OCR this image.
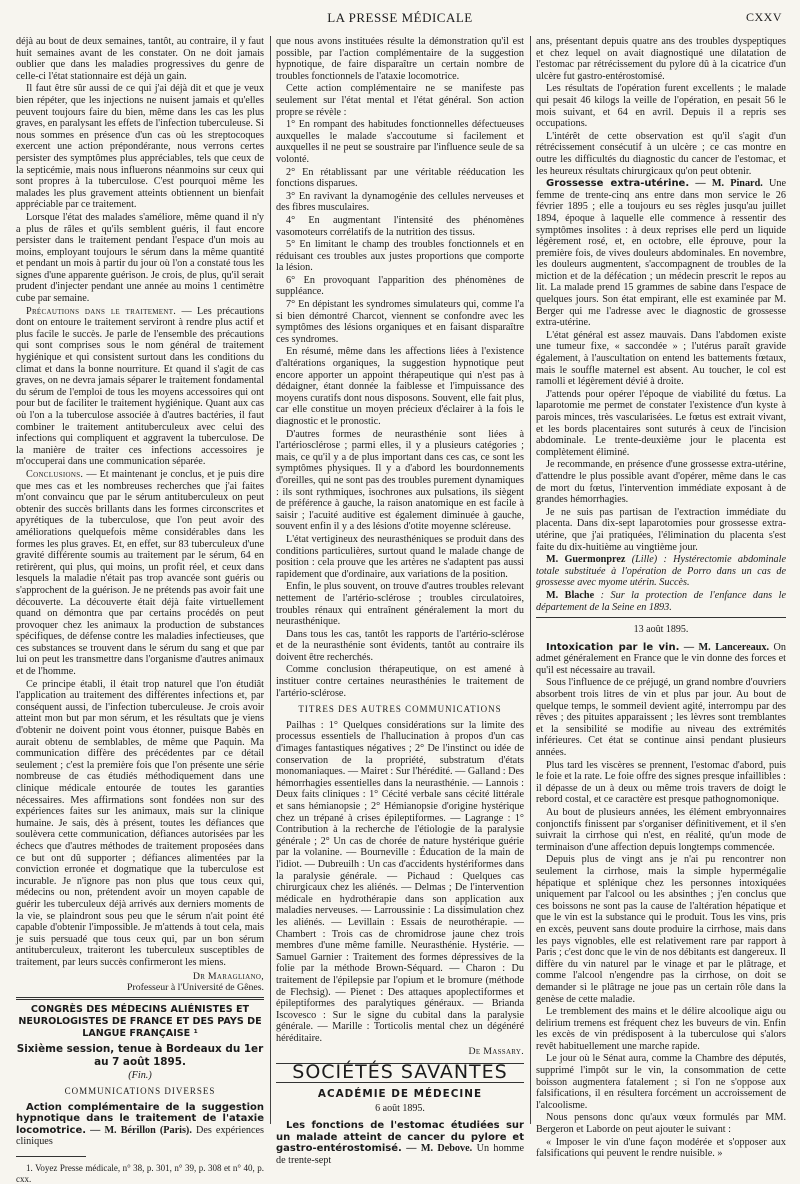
LA PRESSE MÉDICALE	CXXV

déjà au bout de deux semaines, tantôt, au contraire, il y faut huit semaines avant de les constater. On ne doit jamais oublier que dans les maladies progressives du genre de celle-ci l'état stationnaire est déjà un gain.

Il faut être sûr aussi de ce qui j'ai déjà dit et que je veux bien répéter, que les injections ne nuisent jamais et qu'elles peuvent toujours faire du bien, même dans les cas les plus graves, en paralysant les effets de l'infection tuberculeuse. Si nous sommes en présence d'un cas où les streptocoques exercent une action prépondérante, nous verrons certes persister des symptômes plus appréciables, tels que ceux de la septicémie, mais nous influerons néanmoins sur ceux qui sont propres à la tuberculose. C'est pourquoi même les malades les plus gravement atteints obtiennent un bienfait appréciable par ce traitement.

Lorsque l'état des malades s'améliore, même quand il n'y a plus de râles et qu'ils semblent guéris, il faut encore persister dans le traitement pendant l'espace d'un mois au moins, employant toujours le sérum dans la même quantité et pendant un mois à partir du jour où l'on a constaté tous les signes d'une apparente guérison. Je crois, de plus, qu'il serait prudent d'injecter pendant une année au moins 1 centimètre cube par semaine.

Précautions dans le traitement. — Les précautions dont on entoure le traitement serviront à rendre plus actif et plus facile le succès. Je parle de l'ensemble des précautions qui sont comprises sous le nom général de traitement hygiénique et qui consistent surtout dans les conditions du climat et dans la bonne nourriture. Et quand il s'agit de cas graves, on ne devra jamais séparer le traitement fondamental du sérum de l'emploi de tous les moyens accessoires qui ont pour but de faciliter le traitement hygiénique. Quant aux cas où l'on a la tuberculose associée à d'autres bactéries, il faut combiner le traitement antituberculeux avec celui des infections qui compliquent et aggravent la tuberculose. De la manière de traiter ces infections accessoires je m'occuperai dans une communication séparée.

Conclusions. — Et maintenant je conclus, et je puis dire que mes cas et les nombreuses recherches que j'ai faites m'ont convaincu que par le sérum antituberculeux on peut obtenir des succès brillants dans les formes circonscrites et apyrétiques de la tuberculose, que l'on peut avoir des améliorations quelquefois même considérables dans les formes les plus graves. Et, en effet, sur 83 tuberculeux d'une gravité différente soumis au traitement par le sérum, 64 en retirèrent, qui plus, qui moins, un profit réel, et ceux dans lesquels la maladie n'était pas trop avancée sont guéris ou s'approchent de la guérison. Je ne prétends pas avoir fait une découverte. La découverte était déjà faite virtuellement quand on démontra que par certains procédés on peut provoquer chez les animaux la production de substances spécifiques, de défense contre les maladies infectieuses, que ces substances se trouvent dans le sérum du sang et que par lui on peut les transmettre dans l'organisme d'autres animaux et de l'homme.

Ce principe établi, il était trop naturel que l'on étudiât l'application au traitement des différentes infections et, par conséquent aussi, de l'infection tuberculeuse. Je crois avoir atteint mon but par mon sérum, et les résultats que je viens d'obtenir ne doivent point vous étonner, puisque Babès en aurait obtenu de semblables, de même que Paquin. Ma communication diffère des précédentes par ce détail seulement ; c'est la première fois que l'on présente une série nombreuse de cas étudiés méthodiquement dans une clinique médicale entourée de toutes les garanties nécessaires. Mes affirmations sont fondées non sur des expériences faites sur les animaux, mais sur la clinique humaine. Je sais, dès à présent, toutes les défiances que soulèvera cette communication, défiances autorisées par les échecs que d'autres méthodes de traitement proposées dans ce but ont dû supporter ; défiances alimentées par la conviction erronée et dogmatique que la tuberculose est incurable. Je n'ignore pas non plus que tous ceux qui, médecins ou non, prétendent avoir un moyen capable de guérir les tuberculeux déjà arrivés aux derniers moments de la vie, se plaindront sous peu que le sérum n'ait point été capable d'obtenir l'impossible. Je m'attends à tout cela, mais je suis persuadé que tous ceux qui, par un bon sérum antituberculeux, traiteront les tuberculeux susceptibles de traitement, par leurs succès confirmeront les miens.

Dr Maragliano,
Professeur à l'Université de Gênes.
CONGRÈS DES MÉDECINS ALIÉNISTES ET NEUROLOGISTES DE FRANCE ET DES PAYS DE LANGUE FRANÇAISE ¹
Sixième session, tenue à Bordeaux du 1er au 7 août 1895.
(Fin.)
COMMUNICATIONS DIVERSES

Action complémentaire de la suggestion hypnotique dans le traitement de l'ataxie locomotrice. — M. Bérillon (Paris). Des expériences cliniques

1. Voyez Presse médicale, n° 38, p. 301, n° 39, p. 308 et n° 40, p. cxx.

que nous avons instituées résulte la démonstration qu'il est possible, par l'action complémentaire de la suggestion hypnotique, de faire disparaître un certain nombre de troubles fonctionnels de l'ataxie locomotrice.

Cette action complémentaire ne se manifeste pas seulement sur l'état mental et l'état général. Son action propre se révèle :

1° En rompant des habitudes fonctionnelles défectueuses auxquelles le malade s'accoutume si facilement et auxquelles il ne peut se soustraire par l'influence seule de sa volonté.

2° En rétablissant par une véritable rééducation les fonctions disparues.

3° En ravivant la dynamogénie des cellules nerveuses et des fibres musculaires.

4° En augmentant l'intensité des phénomènes vasomoteurs corrélatifs de la nutrition des tissus.

5° En limitant le champ des troubles fonctionnels et en réduisant ces troubles aux justes proportions que comporte la lésion.

6° En provoquant l'apparition des phénomènes de suppléance.

7° En dépistant les syndromes simulateurs qui, comme l'a si bien démontré Charcot, viennent se confondre avec les symptômes des lésions organiques et en faisant disparaître ces syndromes.

En résumé, même dans les affections liées à l'existence d'altérations organiques, la suggestion hypnotique peut encore apporter un appoint thérapeutique qui n'est pas à dédaigner, étant donnée la faiblesse et l'impuissance des moyens curatifs dont nous disposons. Souvent, elle fait plus, car elle constitue un moyen précieux d'éclairer à la fois le diagnostic et le pronostic.

D'autres formes de neurasthénie sont liées à l'artériosclérose ; parmi elles, il y a plusieurs catégories ; mais, ce qu'il y a de plus important dans ces cas, ce sont les symptômes physiques. Il y a d'abord les bourdonnements d'oreilles, qui ne sont pas des troubles purement dynamiques : ils sont rythmiques, isochrones aux pulsations, ils siègent de préférence à gauche, la raison anatomique en est facile à saisir ; l'acuité auditive est également diminuée à gauche, souvent enfin il y a des lésions d'otite moyenne scléreuse.

L'état vertigineux des neurasthéniques se produit dans des conditions particulières, surtout quand le malade change de position : cela prouve que les artères ne s'adaptent pas aussi rapidement que d'ordinaire, aux variations de la position.

Enfin, le plus souvent, on trouve d'autres troubles relevant nettement de l'artério-sclérose ; troubles circulatoires, troubles rénaux qui entraînent généralement la mort du neurasthénique.

Dans tous les cas, tantôt les rapports de l'artério-sclérose et de la neurasthénie sont évidents, tantôt au contraire ils doivent être recherchés.

Comme conclusion thérapeutique, on est amené à instituer contre certaines neurasthénies le traitement de l'artério-sclérose.

TITRES DES AUTRES COMMUNICATIONS

Pailhas : 1° Quelques considérations sur la limite des processus essentiels de l'hallucination à propos d'un cas d'images fantastiques négatives ; 2° De l'instinct ou idée de conservation de la propriété, substratum d'états monomaniaques. — Mairet : Sur l'hérédité. — Galland : Des hémorrhagies essentielles dans la neurasthénie. — Lannois : Deux faits cliniques : 1° Cécité verbale sans cécité littérale et sans hémianopsie ; 2° Hémianopsie d'origine hystérique chez un trépané à crises épileptiformes. — Lagrange : 1° Contribution à la recherche de l'étiologie de la paralysie générale ; 2° Un cas de chorée de nature hystérique guérie par la volanine. — Bourneville : Éducation de la main de l'idiot. — Dubreuilh : Un cas d'accidents hystériformes dans la paralysie générale. — Pichaud : Quelques cas chirurgicaux chez les aliénés. — Delmas ; De l'intervention médicale en hydrothérapie dans son application aux maladies nerveuses. — Larroussinie : La dissimulation chez les aliénés. — Levillain : Essais de neurothérapie. — Chambert : Trois cas de chromidrose jaune chez trois membres d'une même famille. Neurasthénie. Hystérie. — Samuel Garnier : Traitement des formes dépressives de la folie par la méthode Brown-Séquard. — Charon : Du traitement de l'épilepsie par l'opium et le bromure (méthode de Flechsig). — Pienet : Des attaques apoplectiformes et épileptiformes des paralytiques généraux. — Brianda Iscovesco : Sur le signe du cubital dans la paralysie générale. — Marille : Torticolis mental chez un dégénéré héréditaire.

De Massary.
SOCIÉTÉS SAVANTES
ACADÉMIE DE MÉDECINE
6 août 1895.

Les fonctions de l'estomac étudiées sur un malade atteint de cancer du pylore et gastro-entérostomisé. — M. Debove. Un homme de trente-sept

ans, présentant depuis quatre ans des troubles dyspeptiques et chez lequel on avait diagnostiqué une dilatation de l'estomac par rétrécissement du pylore dû à la cicatrice d'un ulcère fut gastro-entérostomisé.

Les résultats de l'opération furent excellents ; le malade qui pesait 46 kilogs la veille de l'opération, en pesait 56 le mois suivant, et 64 en avril. Depuis il a repris ses occupations.

L'intérêt de cette observation est qu'il s'agit d'un rétrécissement consécutif à un ulcère ; ce cas montre en outre les difficultés du diagnostic du cancer de l'estomac, et les heureux résultats chirurgicaux qu'on peut obtenir.

Grossesse extra-utérine. — M. Pinard. Une femme de trente-cinq ans entre dans mon service le 26 février 1895 ; elle a toujours eu ses règles jusqu'au juillet 1894, époque à laquelle elle commence à ressentir des symptômes insolites : à deux reprises elle perd un liquide légèrement rosé, et, en octobre, elle éprouve, pour la première fois, de vives douleurs abdominales. En novembre, les douleurs augmentent, s'accompagnent de troubles de la miction et de la défécation ; un médecin prescrit le repos au lit. La malade prend 15 grammes de sabine dans l'espace de quelques jours. Son état empirant, elle est examinée par M. Berger qui me l'adresse avec le diagnostic de grossesse extra-utérine.

L'état général est assez mauvais. Dans l'abdomen existe une tumeur fixe, « saccondée » ; l'utérus paraît gravide également, à l'auscultation on entend les battements fœtaux, mais le souffle maternel est absent. Au toucher, le col est ramolli et légèrement dévié à droite.

J'attends pour opérer l'époque de viabilité du fœtus. La laparotomie me permet de constater l'existence d'un kyste à parois minces, très vascularisées. Le fœtus est extrait vivant, et les bords placentaires sont suturés à ceux de l'incision abdominale. Le trente-deuxième jour le placenta est complètement éliminé.

Je recommande, en présence d'une grossesse extra-utérine, d'attendre le plus possible avant d'opérer, même dans le cas de mort du fœtus, l'intervention immédiate exposant à de grandes hémorrhagies.

Je ne suis pas partisan de l'extraction immédiate du placenta. Dans dix-sept laparotomies pour grossesse extra-utérine, que j'ai pratiquées, l'élimination du placenta s'est faite du dix-huitième au vingtième jour.

M. Guermonprez (Lille) : Hystérectomie abdominale totale substituée à l'opération de Porro dans un cas de grossesse avec myome utérin. Succès.

M. Blache : Sur la protection de l'enfance dans le département de la Seine en 1893.

13 août 1895.

Intoxication par le vin. — M. Lancereaux. On admet généralement en France que le vin donne des forces et qu'il est nécessaire au travail.

Sous l'influence de ce préjugé, un grand nombre d'ouvriers absorbent trois litres de vin et plus par jour. Au bout de quelque temps, le sommeil devient agité, interrompu par des rêves ; des pituites apparaissent ; les lèvres sont tremblantes et la sensibilité se modifie au niveau des extrémités inférieures. Cet état se continue ainsi pendant plusieurs années.

Plus tard les viscères se prennent, l'estomac d'abord, puis le foie et la rate. Le foie offre des signes presque infaillibles : il dépasse de un à deux ou même trois travers de doigt le rebord costal, et ce caractère est presque pathognomonique.

Au bout de plusieurs années, les élément embryonnaires conjonctifs finissent par s'organiser définitivement, et il s'en suivrait la cirrhose qui n'est, en réalité, qu'un mode de terminaison d'une affection depuis longtemps commencée.

Depuis plus de vingt ans je n'ai pu rencontrer non seulement la cirrhose, mais la simple hypermégalie hépatique et splénique chez les personnes intoxiquées uniquement par l'alcool ou les absinthes ; j'en conclus que ces boissons ne sont pas la cause de l'altération hépatique et que le vin est la substance qui le produit. Tous les vins, pris en excès, peuvent sans doute produire la cirrhose, mais dans les pays vignobles, elle est relativement rare par rapport à Paris ; c'est donc que le vin de nos débitants est dangereux. Il diffère du vin naturel par le vinage et par le plâtrage, et comme l'alcool n'engendre pas la cirrhose, on doit se demander si le plâtrage ne joue pas un certain rôle dans la genèse de cette maladie.

Le tremblement des mains et le délire alcoolique aigu ou delirium tremens est fréquent chez les buveurs de vin. Enfin les excès de vin prédisposent à la tuberculose qui s'alors revêt habituellement une marche rapide.

Le jour où le Sénat aura, comme la Chambre des députés, supprimé l'impôt sur le vin, la consommation de cette boisson augmentera fatalement ; si l'on ne s'oppose aux falsifications, il en résultera forcément un accroissement de l'alcoolisme.

Nous pensons donc qu'aux vœux formulés par MM. Bergeron et Laborde on peut ajouter le suivant :

« Imposer le vin d'une façon modérée et s'opposer aux falsifications qui peuvent le rendre nuisible. »
